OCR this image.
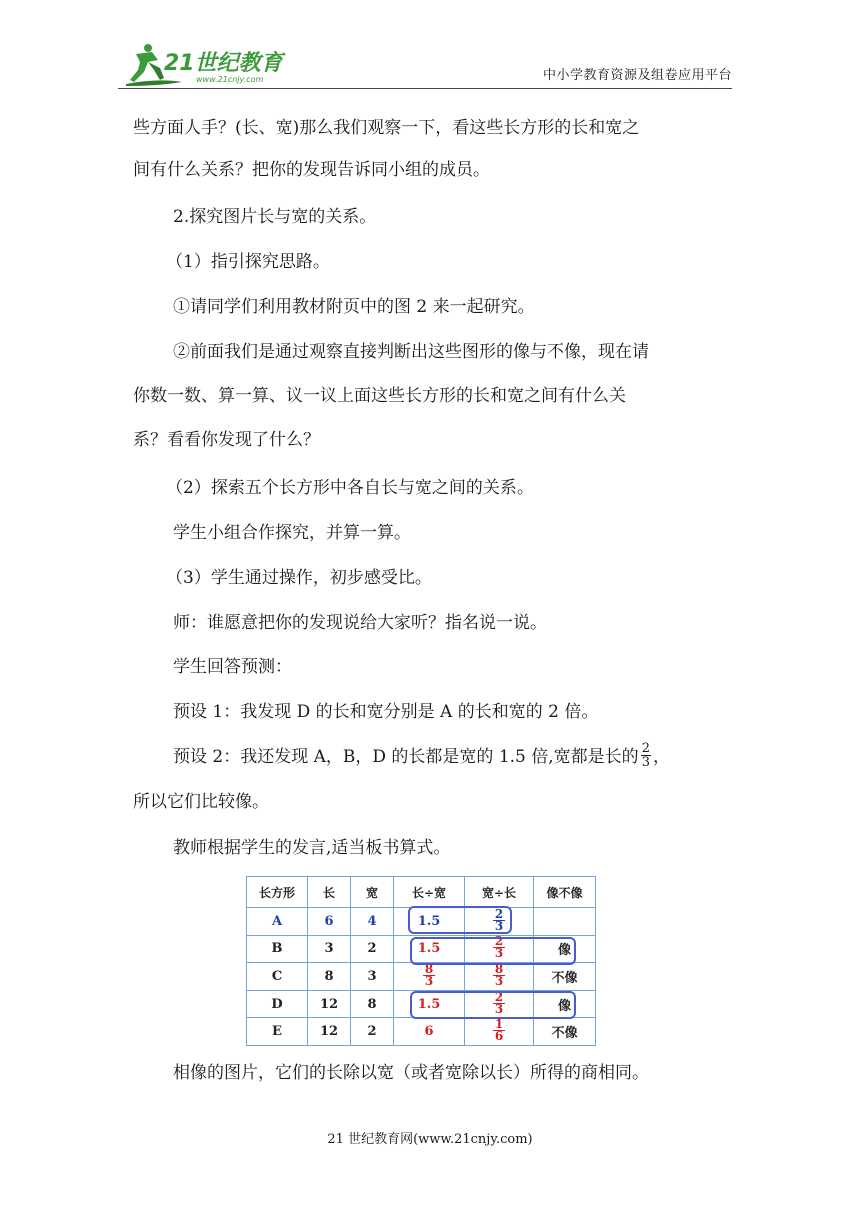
21世纪教育
www.21cnjy.com	中小学教育资源及组卷应用平台
些方面人手？(长、宽)那么我们观察一下，看这些长方形的长和宽之
间有什么关系？把你的发现告诉同小组的成员。
2.探究图片长与宽的关系。
（1）指引探究思路。
①请同学们利用教材附页中的图 2 来一起研究。
②前面我们是通过观察直接判断出这些图形的像与不像，现在请
你数一数、算一算、议一议上面这些长方形的长和宽之间有什么关
系？看看你发现了什么？
（2）探索五个长方形中各自长与宽之间的关系。
学生小组合作探究，并算一算。
（3）学生通过操作，初步感受比。
师：谁愿意把你的发现说给大家听？指名说一说。
学生回答预测：
预设 1：我发现 D 的长和宽分别是 A 的长和宽的 2 倍。
预设 2：我还发现 A，B，D 的长都是宽的 1.5 倍,宽都是长的 $\frac{2}{3}$ ，
所以它们比较像。
教师根据学生的发言,适当板书算式。
长方形	长	宽	长÷宽	宽÷长	像不像
A	6	4	1.5	$\frac{2}{3}$

B	3	2	1.5	$\frac{2}{3}$	像
C	8	3	$\frac{8}{3}$	$\frac{8}{3}$	不像
D	12	8	1.5	$\frac{2}{3}$	像
E	12	2	6	$\frac{1}{6}$	不像
相像的图片，它们的长除以宽（或者宽除以长）所得的商相同。
21 世纪教育网(www.21cnjy.com)
